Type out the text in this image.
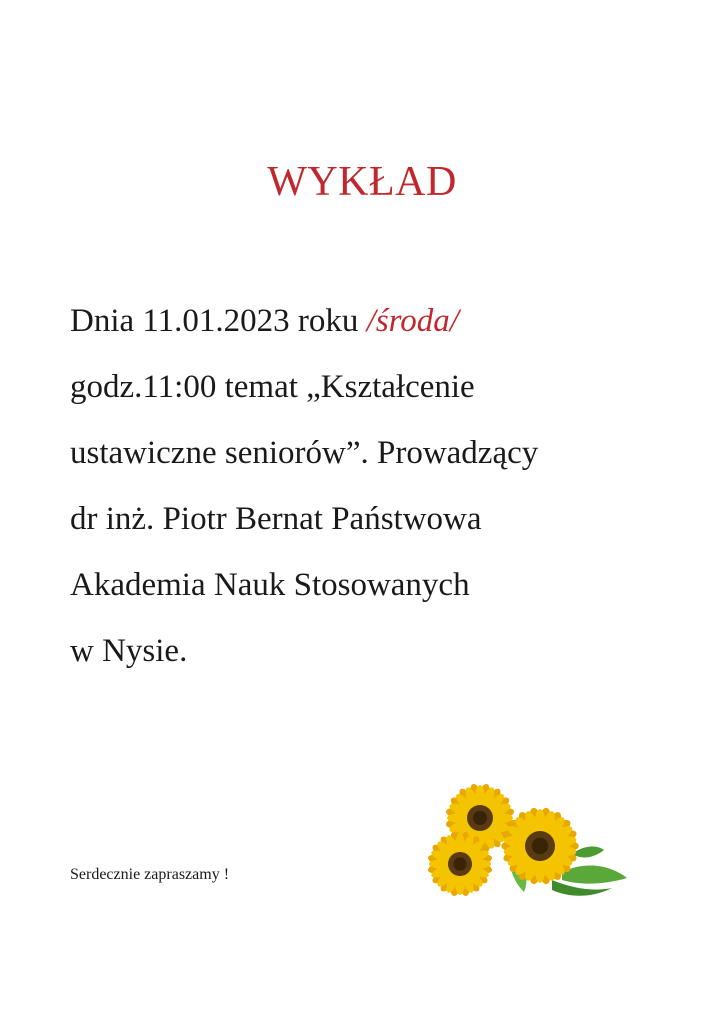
WYKŁAD
Dnia 11.01.2023 roku /środa/
godz.11:00 temat „Kształcenie
ustawiczne seniorów”. Prowadzący
dr inż. Piotr Bernat Państwowa
Akademia Nauk Stosowanych
w Nysie.
Serdecznie zapraszamy !
